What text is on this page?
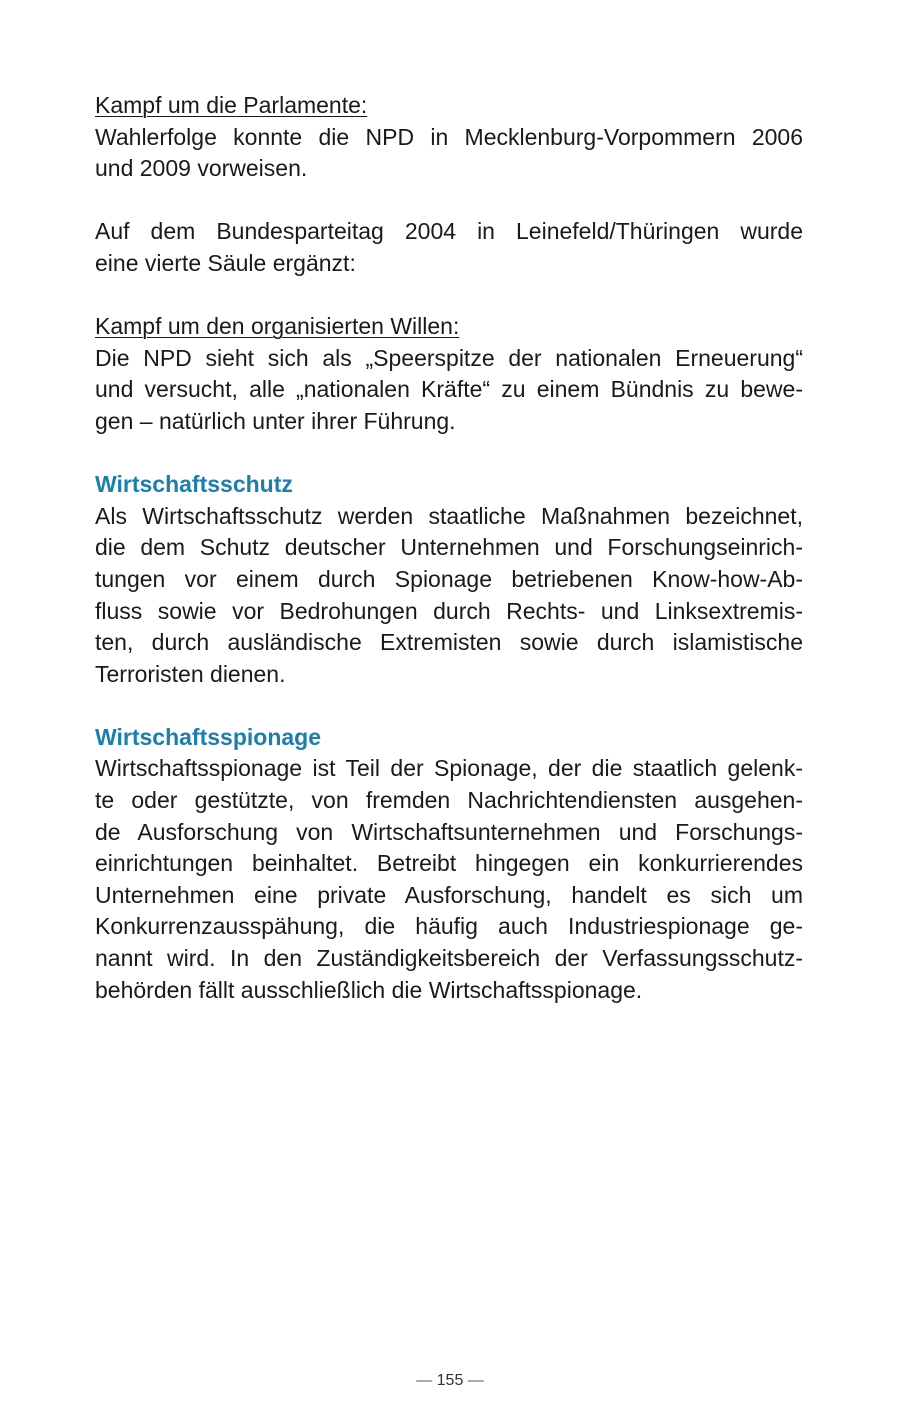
Kampf um die Parlamente:
Wahlerfolge konnte die NPD in Mecklenburg-Vorpommern 2006
und 2009 vorweisen.

Auf dem Bundesparteitag 2004 in Leinefeld/Thüringen wurde
eine vierte Säule ergänzt:

Kampf um den organisierten Willen:
Die NPD sieht sich als „Speerspitze der nationalen Erneuerung“
und versucht, alle „nationalen Kräfte“ zu einem Bündnis zu bewe-
gen – natürlich unter ihrer Führung.

Wirtschaftsschutz

Als Wirtschaftsschutz werden staatliche Maßnahmen bezeichnet,
die dem Schutz deutscher Unternehmen und Forschungseinrich-
tungen vor einem durch Spionage betriebenen Know-how-Ab-
fluss sowie vor Bedrohungen durch Rechts- und Linksextremis-
ten, durch ausländische Extremisten sowie durch islamistische
Terroristen dienen.

Wirtschaftsspionage

Wirtschaftsspionage ist Teil der Spionage, der die staatlich gelenk-
te oder gestützte, von fremden Nachrichtendiensten ausgehen-
de Ausforschung von Wirtschaftsunternehmen und Forschungs-
einrichtungen beinhaltet. Betreibt hingegen ein konkurrierendes
Unternehmen eine private Ausforschung, handelt es sich um
Konkurrenzausspähung, die häufig auch Industriespionage ge-
nannt wird. In den Zuständigkeitsbereich der Verfassungsschutz-
behörden fällt ausschließlich die Wirtschaftsspionage.

— 155 —
